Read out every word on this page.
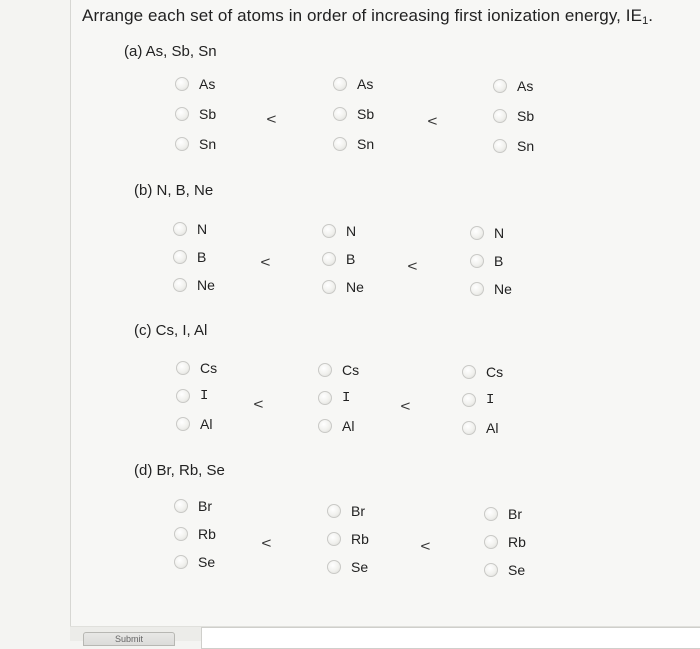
Arrange each set of atoms in order of increasing first ionization energy, $IE_1$.
(a) As, Sb, Sn
As
Sb
Sn
<
As
Sb
Sn
<
As
Sb
Sn
(b) N, B, Ne
N
B
Ne
<
N
B
Ne
<
N
B
Ne
(c) Cs, I, Al
Cs
I
Al
<
Cs
I
Al
<
Cs
I
Al
(d) Br, Rb, Se
Br
Rb
Se
<
Br
Rb
Se
<
Br
Rb
Se
Submit
